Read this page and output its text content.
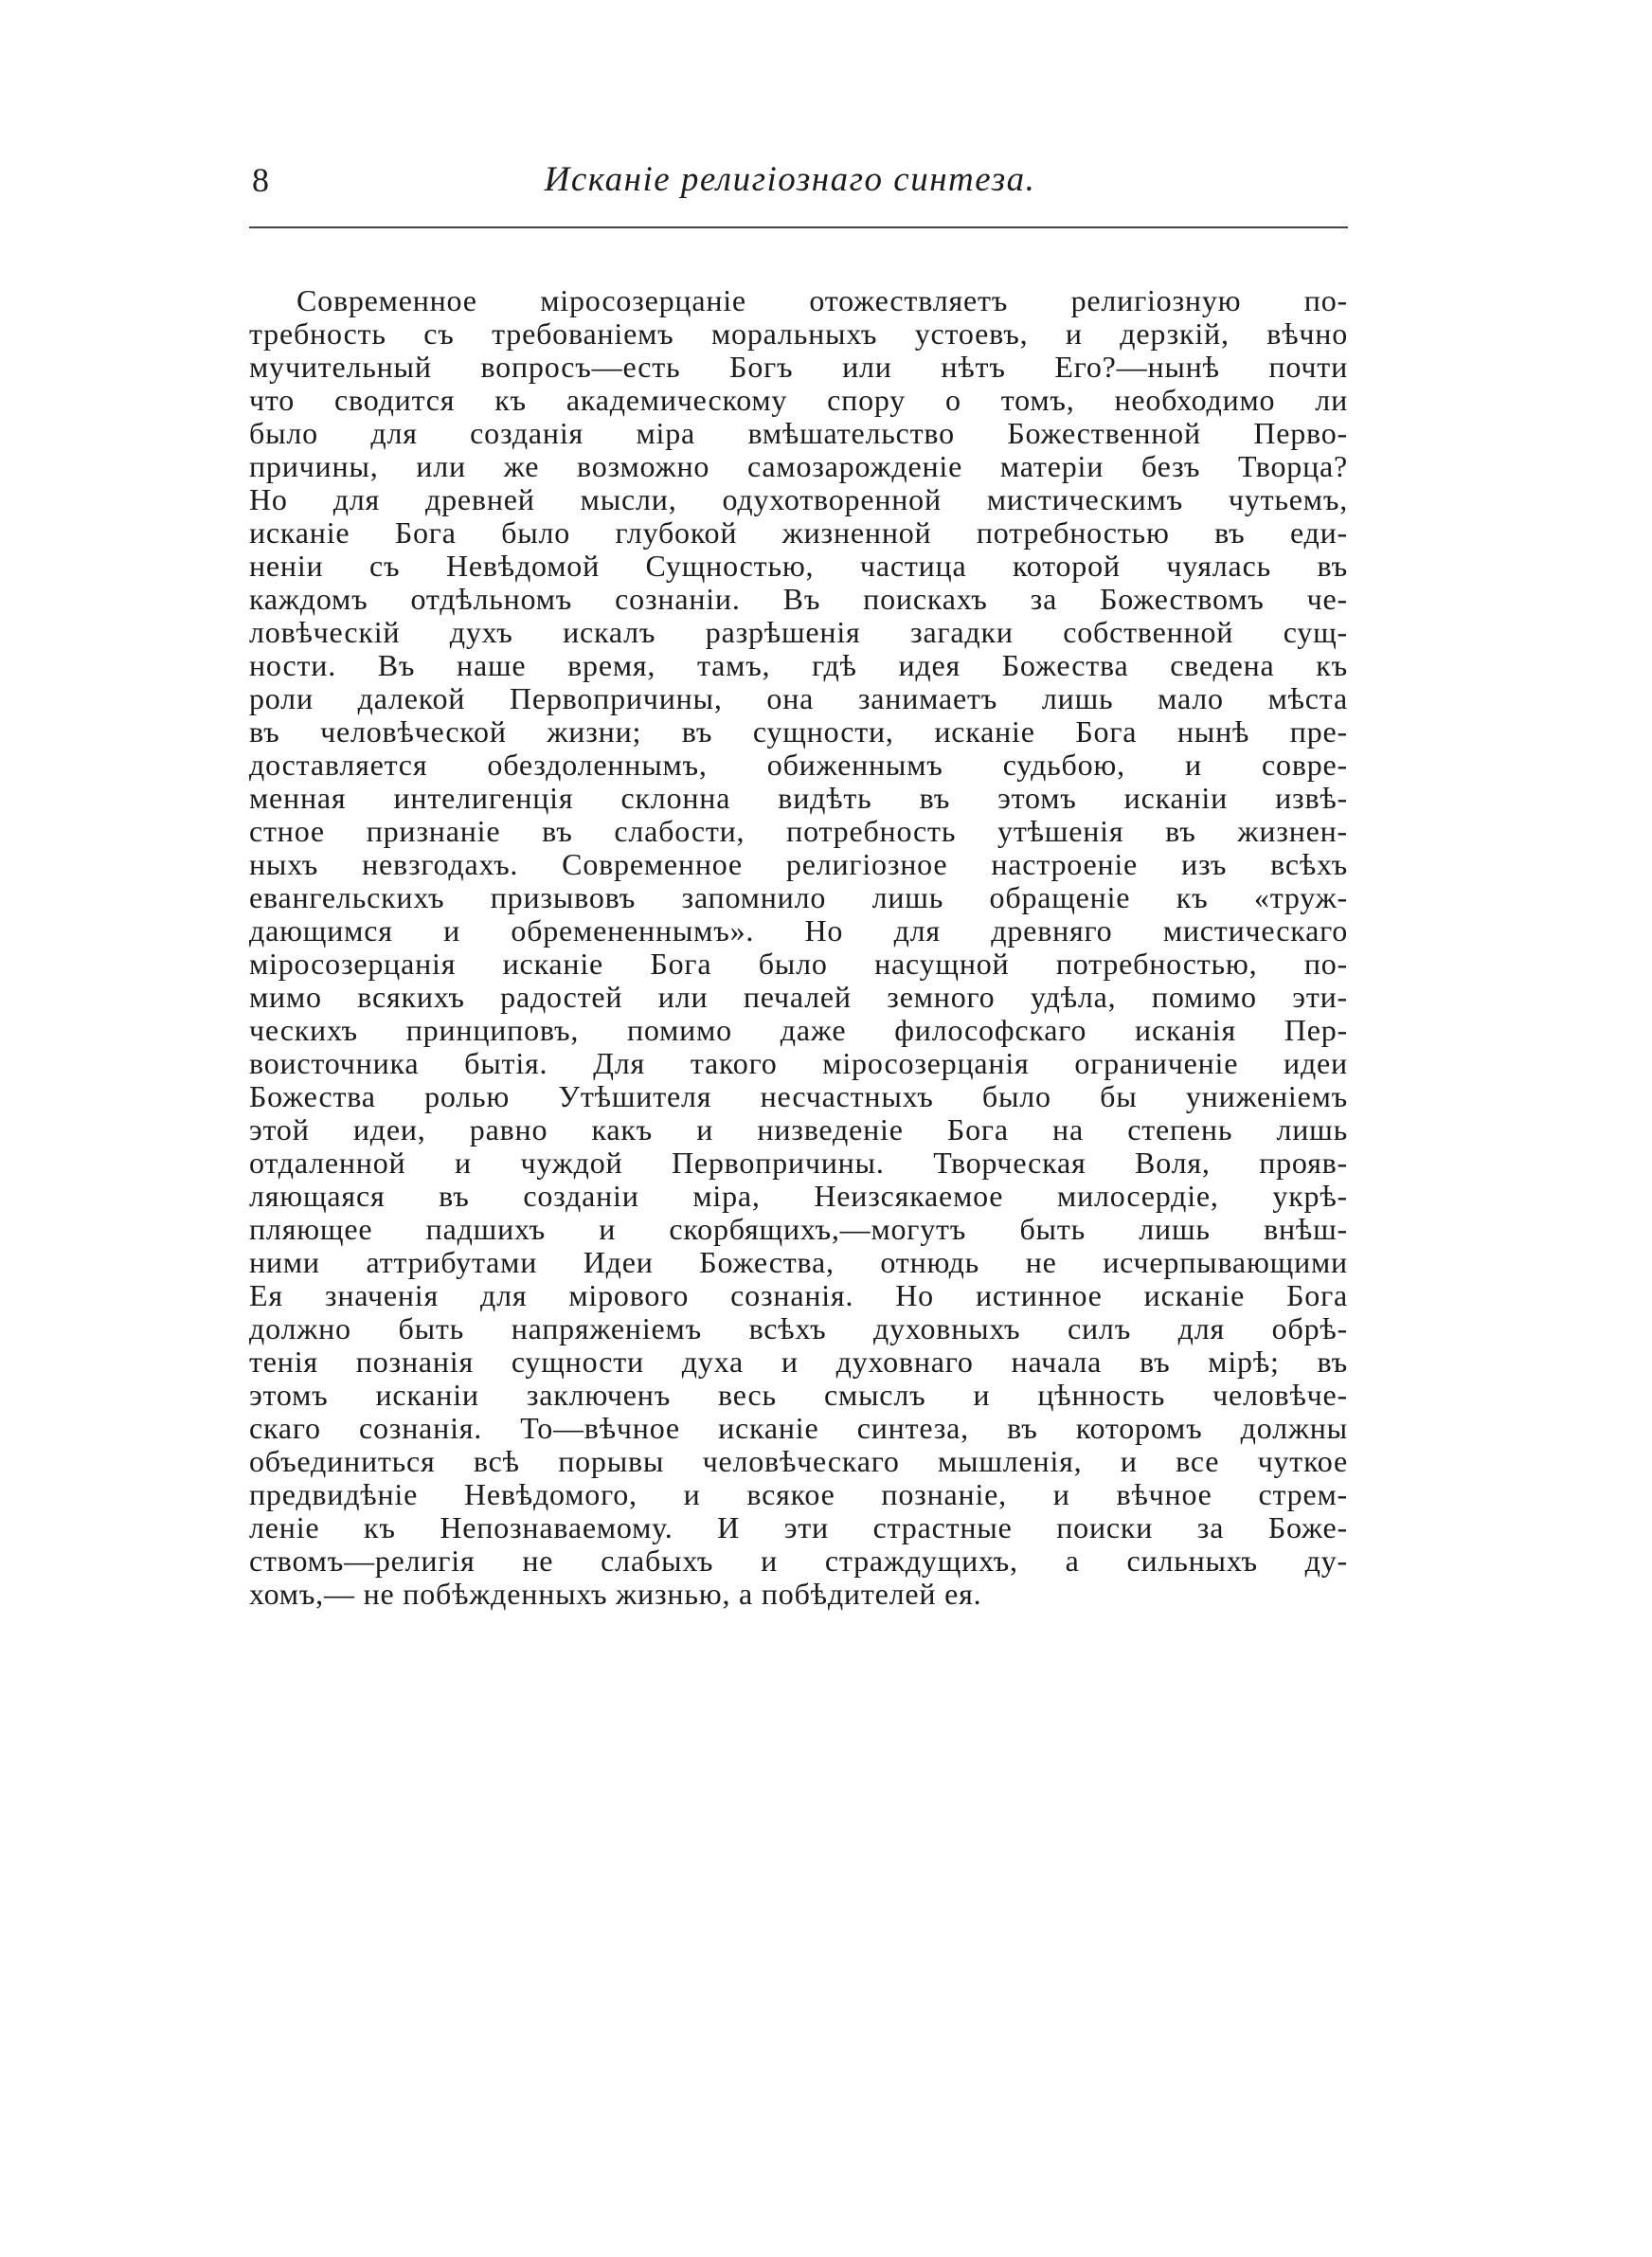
8	Исканіе религіознаго синтеза.
Современное міросозерцаніе отожествляетъ религіозную по-
требность съ требованіемъ моральныхъ устоевъ, и дерзкій, вѣчно
мучительный вопросъ—есть Богъ или нѣтъ Его?—нынѣ почти
что сводится къ академическому спору о томъ, необходимо ли
было для созданія міра вмѣшательство Божественной Перво-
причины, или же возможно самозарожденіе матеріи безъ Творца?
Но для древней мысли, одухотворенной мистическимъ чутьемъ,
исканіе Бога было глубокой жизненной потребностью въ еди-
неніи съ Невѣдомой Сущностью, частица которой чуялась въ
каждомъ отдѣльномъ сознаніи. Въ поискахъ за Божествомъ че-
ловѣческій духъ искалъ разрѣшенія загадки собственной сущ-
ности. Въ наше время, тамъ, гдѣ идея Божества сведена къ
роли далекой Первопричины, она занимаетъ лишь мало мѣста
въ человѣческой жизни; въ сущности, исканіе Бога нынѣ пре-
доставляется обездоленнымъ, обиженнымъ судьбою, и совре-
менная интелигенція склонна видѣть въ этомъ исканіи извѣ-
стное признаніе въ слабости, потребность утѣшенія въ жизнен-
ныхъ невзгодахъ. Современное религіозное настроеніе изъ всѣхъ
евангельскихъ призывовъ запомнило лишь обращеніе къ «труж-
дающимся и обремененнымъ». Но для древняго мистическаго
міросозерцанія исканіе Бога было насущной потребностью, по-
мимо всякихъ радостей или печалей земного удѣла, помимо эти-
ческихъ принциповъ, помимо даже философскаго исканія Пер-
воисточника бытія. Для такого міросозерцанія ограниченіе идеи
Божества ролью Утѣшителя несчастныхъ было бы униженіемъ
этой идеи, равно какъ и низведеніе Бога на степень лишь
отдаленной и чуждой Первопричины. Творческая Воля, прояв-
ляющаяся въ созданіи міра, Неизсякаемое милосердіе, укрѣ-
пляющее падшихъ и скорбящихъ,—могутъ быть лишь внѣш-
ними аттрибутами Идеи Божества, отнюдь не исчерпывающими
Ея значенія для мірового сознанія. Но истинное исканіе Бога
должно быть напряженіемъ всѣхъ духовныхъ силъ для обрѣ-
тенія познанія сущности духа и духовнаго начала въ мірѣ; въ
этомъ исканіи заключенъ весь смыслъ и цѣнность человѣче-
скаго сознанія. То—вѣчное исканіе синтеза, въ которомъ должны
объединиться всѣ порывы человѣческаго мышленія, и все чуткое
предвидѣніе Невѣдомого, и всякое познаніе, и вѣчное стрем-
леніе къ Непознаваемому. И эти страстные поиски за Боже-
ствомъ—религія не слабыхъ и страждущихъ, а сильныхъ ду-
хомъ,— не побѣжденныхъ жизнью, а побѣдителей ея.
